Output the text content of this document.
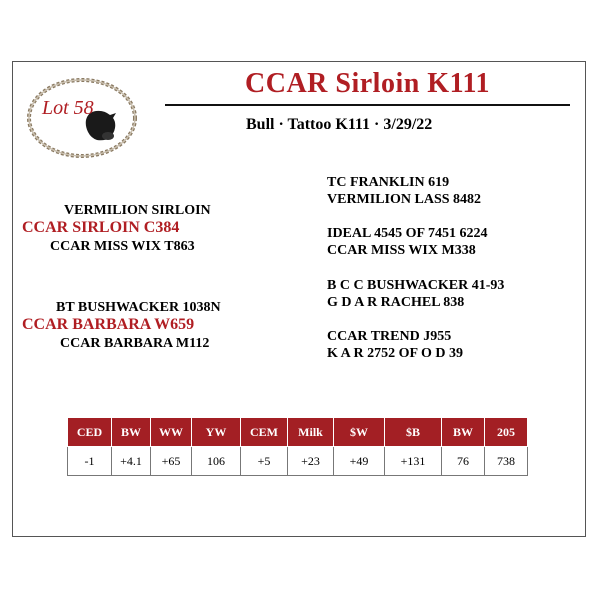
Lot 58
CCAR Sirloin K111
Bull · Tattoo K111 · 3/29/22
VERMILION SIRLOIN
CCAR SIRLOIN C384
CCAR MISS WIX T863
BT BUSHWACKER 1038N
CCAR BARBARA W659
CCAR BARBARA M112
TC FRANKLIN 619
VERMILION LASS 8482
IDEAL 4545 OF 7451 6224
CCAR MISS WIX M338
B C C BUSHWACKER 41-93
G D A R RACHEL 838
CCAR TREND J955
K A R 2752 OF O D 39
CED	BW	WW	YW	CEM	Milk	$W	$B	BW	205
-1	+4.1	+65	106	+5	+23	+49	+131	76	738
